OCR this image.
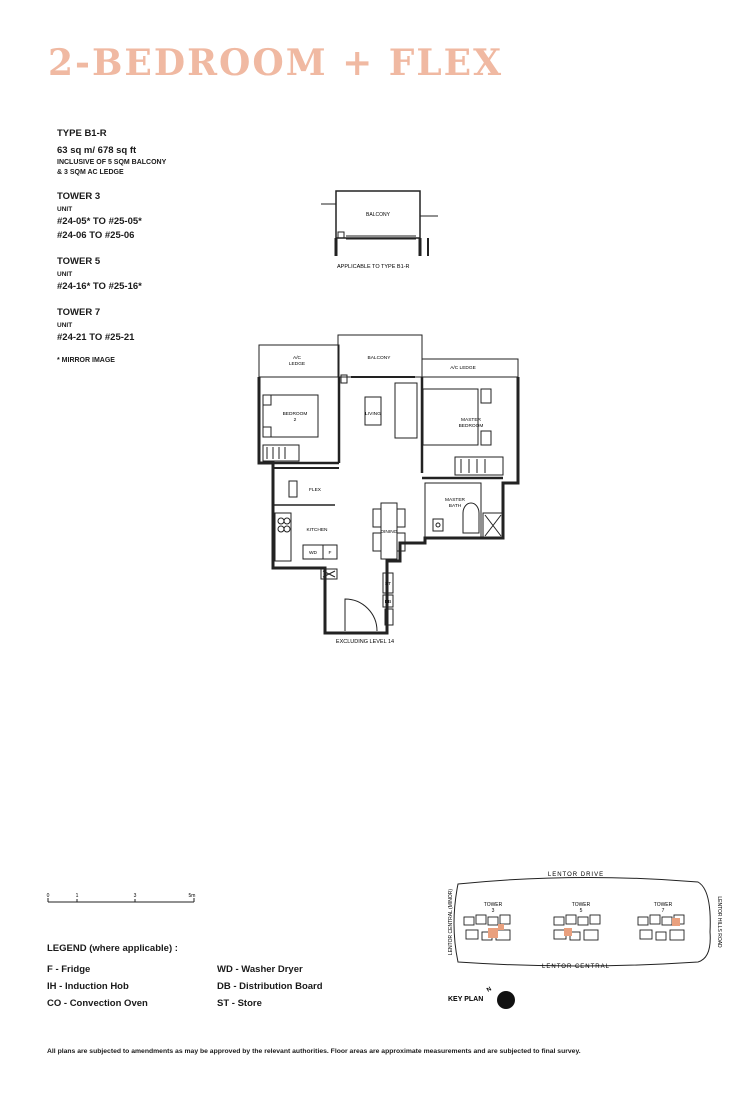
2-BEDROOM + FLEX

TYPE B1-R

63 sq m/ 678 sq ft

INCLUSIVE OF 5 SQM BALCONY

& 3 SQM AC LEDGE

TOWER 3

UNIT

#24-05* TO #25-05*

#24-06 TO #25-06

TOWER 5

UNIT

#24-16* TO #25-16*

TOWER 7

UNIT

#24-21 TO #25-21

* MIRROR IMAGE

BALCONY
APPLICABLE TO TYPE B1-R
A/C
LEDGE
BALCONY
A/C LEDGE
BEDROOM
2
LIVING
MASTER
BEDROOM
FLEX
MASTER
BATH
KITCHEN	DINING
WD F
ST
DB
EXCLUDING LEVEL 14
0	1	3	5m

LEGEND (where applicable) :

F - Fridge	WD - Washer Dryer
IH - Induction Hob	DB - Distribution Board
CO - Convection Oven	ST - Store
LENTOR DRIVE
LENTOR CENTRAL
TOWER
3
TOWER
5
TOWER
7
LENTOR CENTRAL (MINOR)	LENTOR HILLS ROAD
KEY PLAN
N
All plans are subjected to amendments as may be approved by the relevant authorities. Floor areas are approximate measurements and are subjected to final survey.
